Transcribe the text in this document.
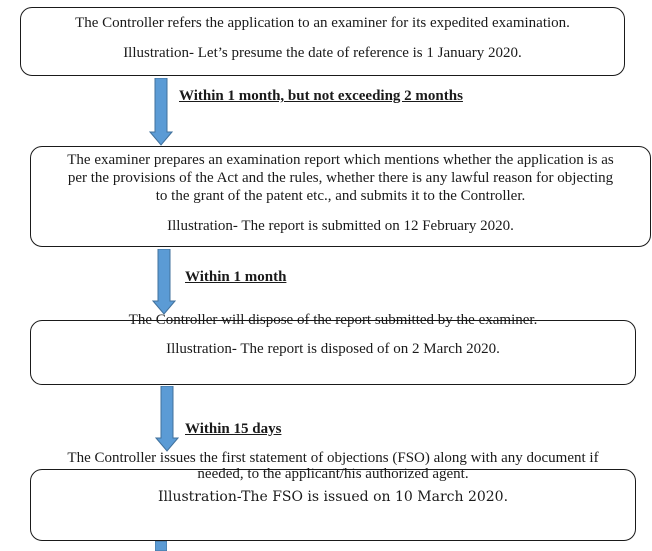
The Controller refers the application to an examiner for its expedited examination.
Illustration- Let’s presume the date of reference is 1 January 2020.
Within 1 month, but not exceeding 2 months
The examiner prepares an examination report which mentions whether the application is as
per the provisions of the Act and the rules, whether there is any lawful reason for objecting
to the grant of the patent etc., and submits it to the Controller.
Illustration- The report is submitted on 12 February 2020.
Within 1 month
The Controller will dispose of the report submitted by the examiner.
Illustration- The report is disposed of on 2 March 2020.
Within 15 days
The Controller issues the first statement of objections (FSO) along with any document if
needed, to the applicant/his authorized agent.
Illustration-The FSO is issued on 10 March 2020.
